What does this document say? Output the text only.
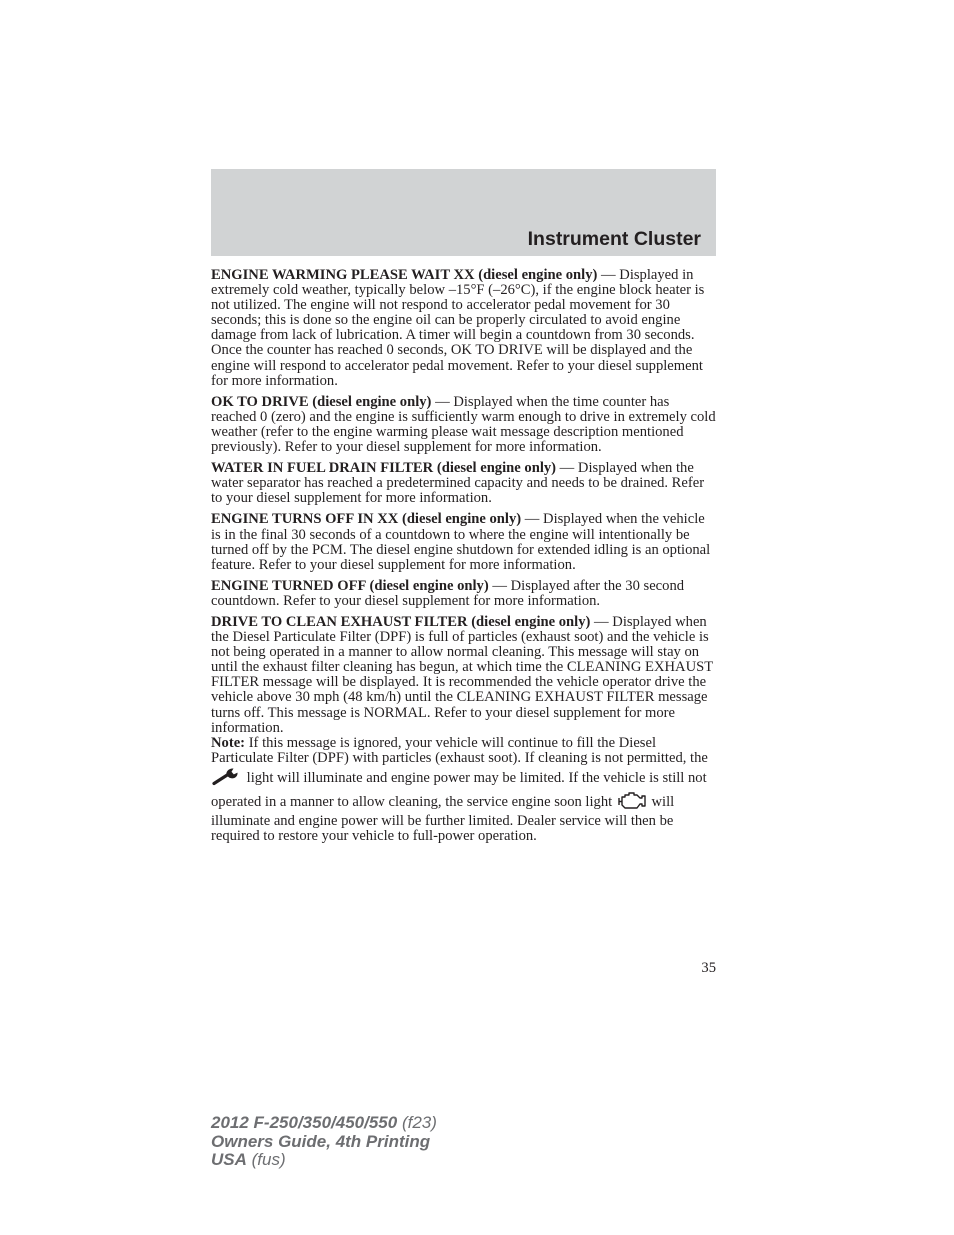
Instrument Cluster

ENGINE WARMING PLEASE WAIT XX (diesel engine only) — Displayed in extremely cold weather, typically below –15°F (–26°C), if the engine block heater is not utilized. The engine will not respond to accelerator pedal movement for 30 seconds; this is done so the engine oil can be properly circulated to avoid engine damage from lack of lubrication. A timer will begin a countdown from 30 seconds. Once the counter has reached 0 seconds, OK TO DRIVE will be displayed and the engine will respond to accelerator pedal movement. Refer to your diesel supplement for more information.

OK TO DRIVE (diesel engine only) — Displayed when the time counter has reached 0 (zero) and the engine is sufficiently warm enough to drive in extremely cold weather (refer to the engine warming please wait message description mentioned previously). Refer to your diesel supplement for more information.

WATER IN FUEL DRAIN FILTER (diesel engine only) — Displayed when the water separator has reached a predetermined capacity and needs to be drained. Refer to your diesel supplement for more information.

ENGINE TURNS OFF IN XX (diesel engine only) — Displayed when the vehicle is in the final 30 seconds of a countdown to where the engine will intentionally be turned off by the PCM. The diesel engine shutdown for extended idling is an optional feature. Refer to your diesel supplement for more information.

ENGINE TURNED OFF (diesel engine only) — Displayed after the 30 second countdown. Refer to your diesel supplement for more information.

DRIVE TO CLEAN EXHAUST FILTER (diesel engine only) — Displayed when the Diesel Particulate Filter (DPF) is full of particles (exhaust soot) and the vehicle is not being operated in a manner to allow normal cleaning. This message will stay on until the exhaust filter cleaning has begun, at which time the CLEANING EXHAUST FILTER message will be displayed. It is recommended the vehicle operator drive the vehicle above 30 mph (48 km/h) until the CLEANING EXHAUST FILTER message turns off. This message is NORMAL. Refer to your diesel supplement for more information.

Note: If this message is ignored, your vehicle will continue to fill the Diesel Particulate Filter (DPF) with particles (exhaust soot). If cleaning is not permitted, the  light will illuminate and engine power may be limited. If the vehicle is still not operated in a manner to allow cleaning, the service engine soon light  will illuminate and engine power will be further limited. Dealer service will then be required to restore your vehicle to full-power operation.

35
2012 F-250/350/450/550 (f23)
Owners Guide, 4th Printing
USA (fus)
